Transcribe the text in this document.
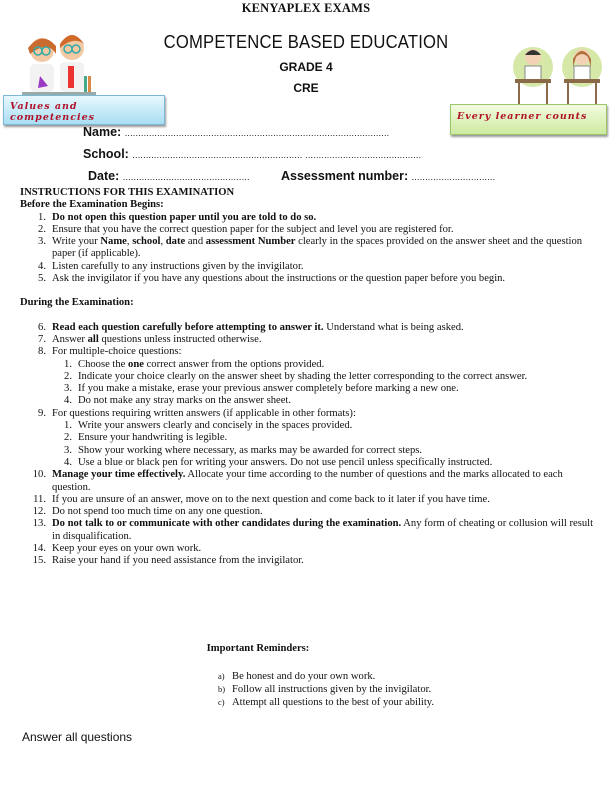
KENYAPLEX EXAMS
Values and competencies
COMPETENCE BASED EDUCATION
GRADE 4
CRE
Every learner counts
Name: ..................................................................................................
School: ............................................................... ...........................................
Date: ...............................................	Assessment number: ...............................
INSTRUCTIONS FOR THIS EXAMINATION
Before the Examination Begins:
1. Do not open this question paper until you are told to do so.
2. Ensure that you have the correct question paper for the subject and level you are registered for.
3. Write your Name, school, date and assessment Number clearly in the spaces provided on the answer sheet and the question paper (if applicable).
4. Listen carefully to any instructions given by the invigilator.
5. Ask the invigilator if you have any questions about the instructions or the question paper before you begin.
During the Examination:
6. Read each question carefully before attempting to answer it. Understand what is being asked.
7. Answer all questions unless instructed otherwise.
8. For multiple-choice questions:
1. Choose the one correct answer from the options provided.
2. Indicate your choice clearly on the answer sheet by shading the letter corresponding to the correct answer.
3. If you make a mistake, erase your previous answer completely before marking a new one.
4. Do not make any stray marks on the answer sheet.
9. For questions requiring written answers (if applicable in other formats):
1. Write your answers clearly and concisely in the spaces provided.
2. Ensure your handwriting is legible.
3. Show your working where necessary, as marks may be awarded for correct steps.
4. Use a blue or black pen for writing your answers. Do not use pencil unless specifically instructed.
10. Manage your time effectively. Allocate your time according to the number of questions and the marks allocated to each question.
11. If you are unsure of an answer, move on to the next question and come back to it later if you have time.
12. Do not spend too much time on any one question.
13. Do not talk to or communicate with other candidates during the examination. Any form of cheating or collusion will result in disqualification.
14. Keep your eyes on your own work.
15. Raise your hand if you need assistance from the invigilator.
Important Reminders:
a) Be honest and do your own work.
b) Follow all instructions given by the invigilator.
c) Attempt all questions to the best of your ability.
Answer all questions
